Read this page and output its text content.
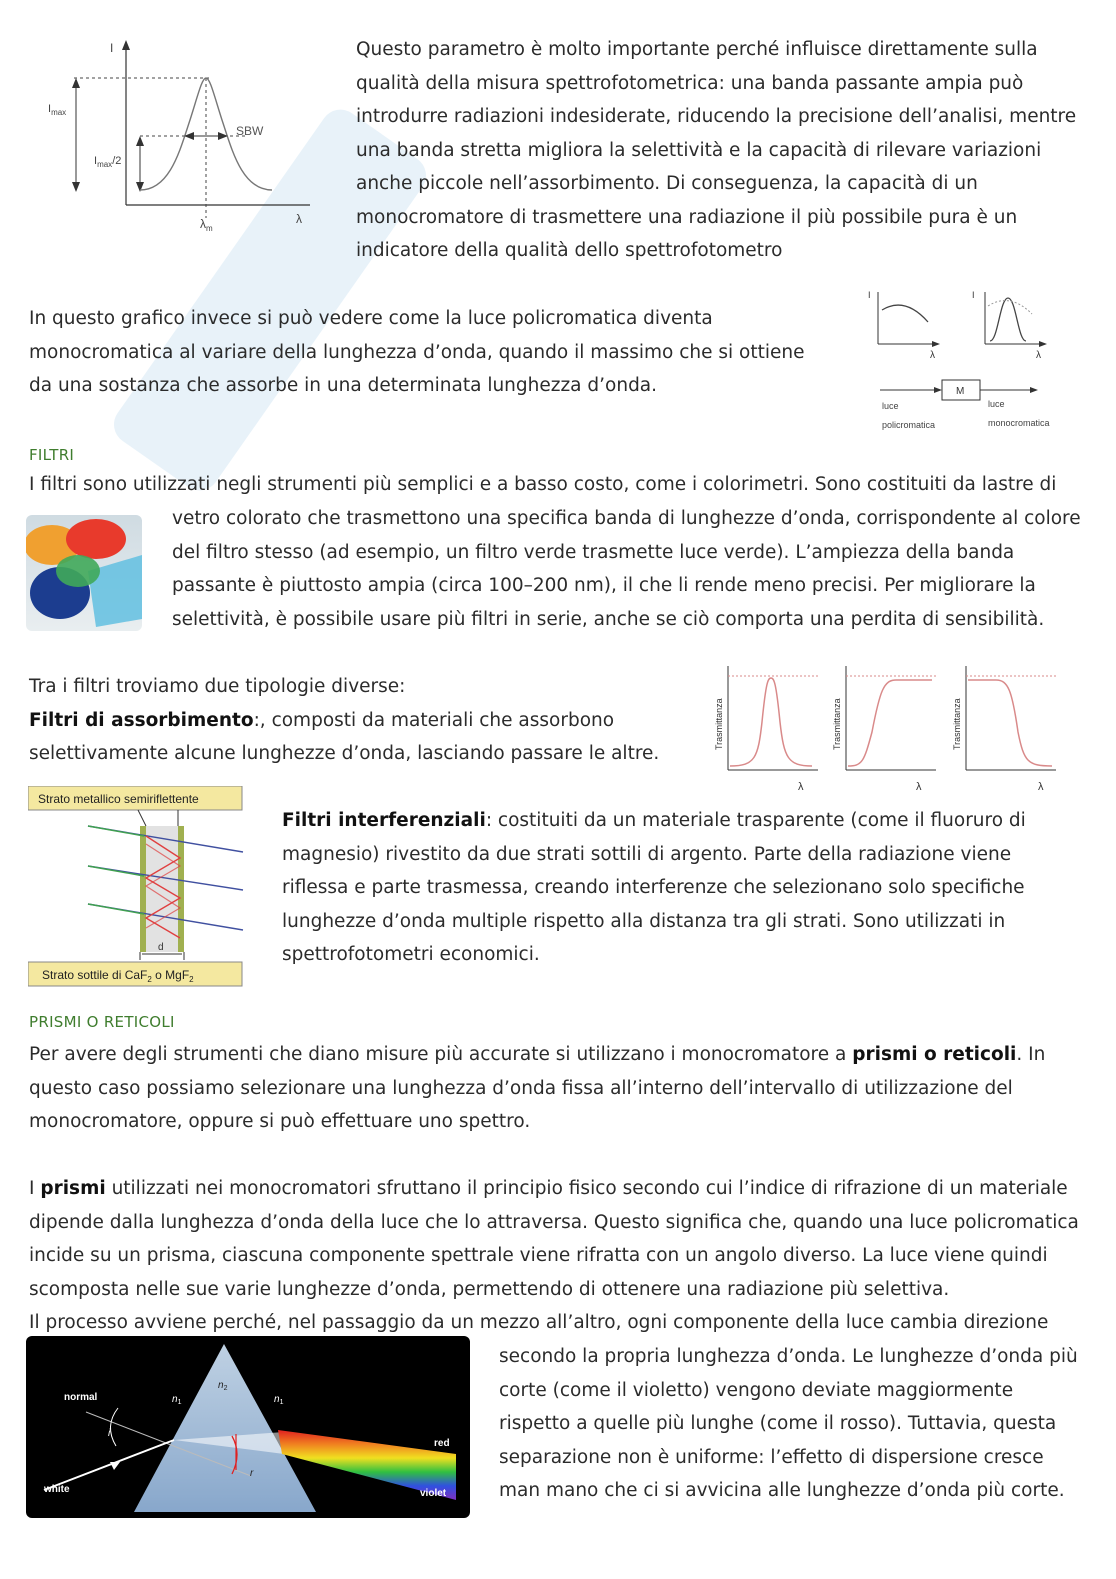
I
$I_{max}$
$I_{max}/2$
SBW
$\lambda_m$
λ
Questo parametro è molto importante perché influisce direttamente sulla qualità della misura spettrofotometrica: una banda passante ampia può introdurre radiazioni indesiderate, riducendo la precisione dell’analisi, mentre una banda stretta migliora la selettività e la capacità di rilevare variazioni anche piccole nell’assorbimento. Di conseguenza, la capacità di un monocromatore di trasmettere una radiazione il più possibile pura è un indicatore della qualità dello spettrofotometro
In questo grafico invece si può vedere come la luce policromatica diventa monocromatica al variare della lunghezza d’onda, quando il massimo che si ottiene da una sostanza che assorbe in una determinata lunghezza d’onda.
I
λ
I
λ
M
luce
policromatica
luce
monocromatica
FILTRI
I filtri sono utilizzati negli strumenti più semplici e a basso costo, come i colorimetri. Sono costituiti da lastre di
vetro colorato che trasmettono una specifica banda di lunghezze d’onda, corrispondente al colore del filtro stesso (ad esempio, un filtro verde trasmette luce verde). L’ampiezza della banda passante è piuttosto ampia (circa 100–200 nm), il che li rende meno precisi. Per migliorare la selettività, è possibile usare più filtri in serie, anche se ciò comporta una perdita di sensibilità.
Tra i filtri troviamo due tipologie diverse:
Filtri di assorbimento:, composti da materiali che assorbono selettivamente alcune lunghezze d’onda, lasciando passare le altre.
Trasmittanza
λ
Trasmittanza
λ
Trasmittanza
λ
Strato metallico semiriflettente
d
Strato sottile di CaF$_2$ o MgF$_2$
Filtri interferenziali: costituiti da un materiale trasparente (come il fluoruro di magnesio) rivestito da due strati sottili di argento. Parte della radiazione viene riflessa e parte trasmessa, creando interferenze che selezionano solo specifiche lunghezze d’onda multiple rispetto alla distanza tra gli strati. Sono utilizzati in spettrofotometri economici.
PRISMI O RETICOLI
Per avere degli strumenti che diano misure più accurate si utilizzano i monocromatore a prismi o reticoli. In questo caso possiamo selezionare una lunghezza d’onda fissa all’interno dell’intervallo di utilizzazione del monocromatore, oppure si può effettuare uno spettro.
I prismi utilizzati nei monocromatori sfruttano il principio fisico secondo cui l’indice di rifrazione di un materiale dipende dalla lunghezza d’onda della luce che lo attraversa. Questo significa che, quando una luce policromatica incide su un prisma, ciascuna componente spettrale viene rifratta con un angolo diverso. La luce viene quindi scomposta nelle sue varie lunghezze d’onda, permettendo di ottenere una radiazione più selettiva.
Il processo avviene perché, nel passaggio da un mezzo all’altro, ogni componente della luce cambia direzione
normal	$n_1$
$n_2$
$n_1$
i
r
white
red
violet
secondo la propria lunghezza d’onda. Le lunghezze d’onda più corte (come il violetto) vengono deviate maggiormente rispetto a quelle più lunghe (come il rosso). Tuttavia, questa separazione non è uniforme: l’effetto di dispersione cresce man mano che ci si avvicina alle lunghezze d’onda più corte.
